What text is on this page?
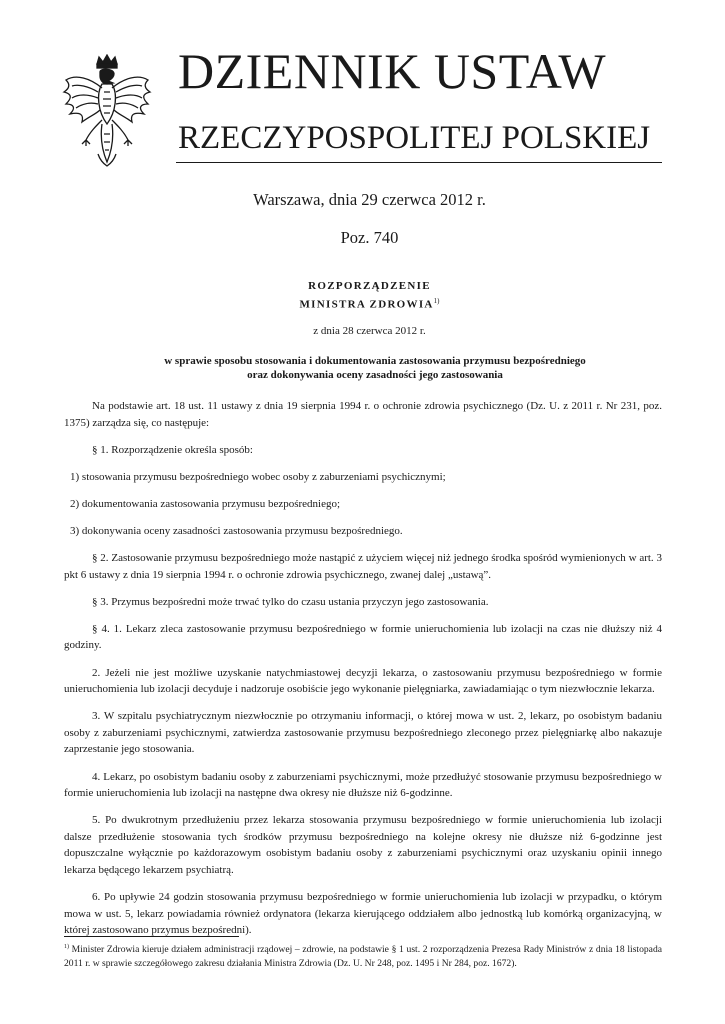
DZIENNIK USTAW
RZECZYPOSPOLITEJ POLSKIEJ
Warszawa, dnia 29 czerwca 2012 r.
Poz. 740
ROZPORZĄDZENIE
MINISTRA ZDROWIA$^{1)}$
z dnia 28 czerwca 2012 r.
w sprawie sposobu stosowania i dokumentowania zastosowania przymusu bezpośredniego
oraz dokonywania oceny zasadności jego zastosowania

Na podstawie art. 18 ust. 11 ustawy z dnia 19 sierpnia 1994 r. o ochronie zdrowia psychicznego (Dz. U. z 2011 r. Nr 231, poz. 1375) zarządza się, co następuje:

§ 1. Rozporządzenie określa sposób:

1) stosowania przymusu bezpośredniego wobec osoby z zaburzeniami psychicznymi;

2) dokumentowania zastosowania przymusu bezpośredniego;

3) dokonywania oceny zasadności zastosowania przymusu bezpośredniego.

§ 2. Zastosowanie przymusu bezpośredniego może nastąpić z użyciem więcej niż jednego środka spośród wymienionych w art. 3 pkt 6 ustawy z dnia 19 sierpnia 1994 r. o ochronie zdrowia psychicznego, zwanej dalej „ustawą”.

§ 3. Przymus bezpośredni może trwać tylko do czasu ustania przyczyn jego zastosowania.

§ 4. 1. Lekarz zleca zastosowanie przymusu bezpośredniego w formie unieruchomienia lub izolacji na czas nie dłuższy niż 4 godziny.

2. Jeżeli nie jest możliwe uzyskanie natychmiastowej decyzji lekarza, o zastosowaniu przymusu bezpośredniego w formie unieruchomienia lub izolacji decyduje i nadzoruje osobiście jego wykonanie pielęgniarka, zawiadamiając o tym niezwłocznie lekarza.

3. W szpitalu psychiatrycznym niezwłocznie po otrzymaniu informacji, o której mowa w ust. 2, lekarz, po osobistym badaniu osoby z zaburzeniami psychicznymi, zatwierdza zastosowanie przymusu bezpośredniego zleconego przez pielęgniarkę albo nakazuje zaprzestanie jego stosowania.

4. Lekarz, po osobistym badaniu osoby z zaburzeniami psychicznymi, może przedłużyć stosowanie przymusu bezpośredniego w formie unieruchomienia lub izolacji na następne dwa okresy nie dłuższe niż 6-godzinne.

5. Po dwukrotnym przedłużeniu przez lekarza stosowania przymusu bezpośredniego w formie unieruchomienia lub izolacji dalsze przedłużenie stosowania tych środków przymusu bezpośredniego na kolejne okresy nie dłuższe niż 6-godzinne jest dopuszczalne wyłącznie po każdorazowym osobistym badaniu osoby z zaburzeniami psychicznymi oraz uzyskaniu opinii innego lekarza będącego lekarzem psychiatrą.

6. Po upływie 24 godzin stosowania przymusu bezpośredniego w formie unieruchomienia lub izolacji w przypadku, o którym mowa w ust. 5, lekarz powiadamia również ordynatora (lekarza kierującego oddziałem albo jednostką lub komórką organizacyjną, w której zastosowano przymus bezpośredni).

$^{1)}$ Minister Zdrowia kieruje działem administracji rządowej – zdrowie, na podstawie § 1 ust. 2 rozporządzenia Prezesa Rady Ministrów z dnia 18 listopada 2011 r. w sprawie szczegółowego zakresu działania Ministra Zdrowia (Dz. U. Nr 248, poz. 1495 i Nr 284, poz. 1672).
